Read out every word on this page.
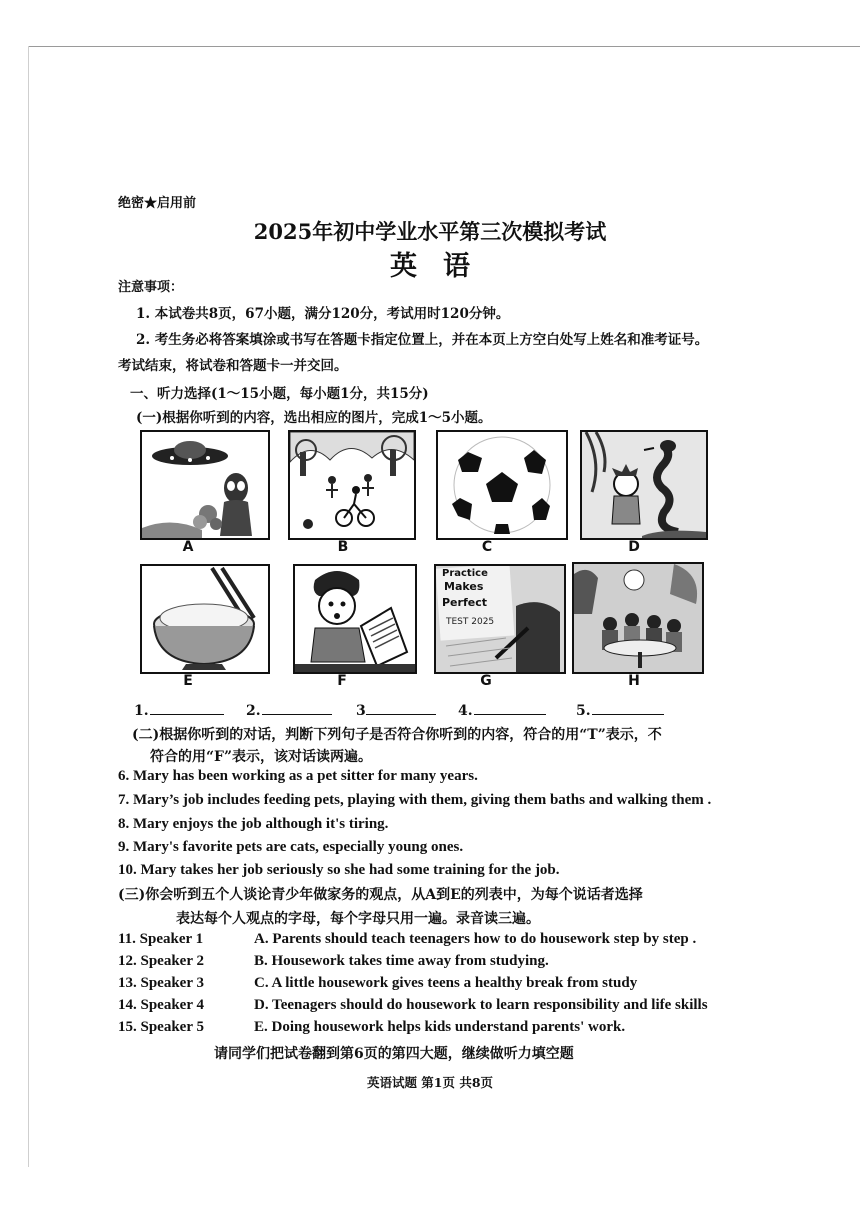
绝密★启用前
2025年初中学业水平第三次模拟考试
英语
注意事项：
1. 本试卷共8页，67小题，满分120分，考试用时120分钟。
2. 考生务必将答案填涂或书写在答题卡指定位置上，并在本页上方空白处写上姓名和准考证号。
考试结束，将试卷和答题卡一并交回。
一、听力选择(1～15小题，每小题1分，共15分)
(一)根据你听到的内容，选出相应的图片，完成1～5小题。
A	B	C	D
E	F
Practice
Makes
Perfect
TEST 2025
G	H
1.	2.	3	4.	5.
(二)根据你听到的对话，判断下列句子是否符合你听到的内容，符合的用“T”表示，不
符合的用“F”表示，该对话读两遍。
6. Mary has been working as a pet sitter for many years.
7. Mary’s job includes feeding pets, playing with them, giving them baths and walking them .
8. Mary enjoys the job although it's tiring.
9. Mary's favorite pets are cats, especially young ones.
10. Mary takes her job seriously so she had some training for the job.
(三)你会听到五个人谈论青少年做家务的观点，从A到E的列表中，为每个说话者选择
表达每个人观点的字母，每个字母只用一遍。录音读三遍。
11. Speaker 1	A. Parents should teach teenagers how to do housework step by step .
12. Speaker 2	B. Housework takes time away from studying.
13. Speaker 3	C. A little housework gives teens a healthy break from study
14. Speaker 4	D. Teenagers should do housework to learn responsibility and life skills
15. Speaker 5	E. Doing housework helps kids understand parents' work.
请同学们把试卷翻到第6页的第四大题，继续做听力填空题
英语试题 第1页 共8页
